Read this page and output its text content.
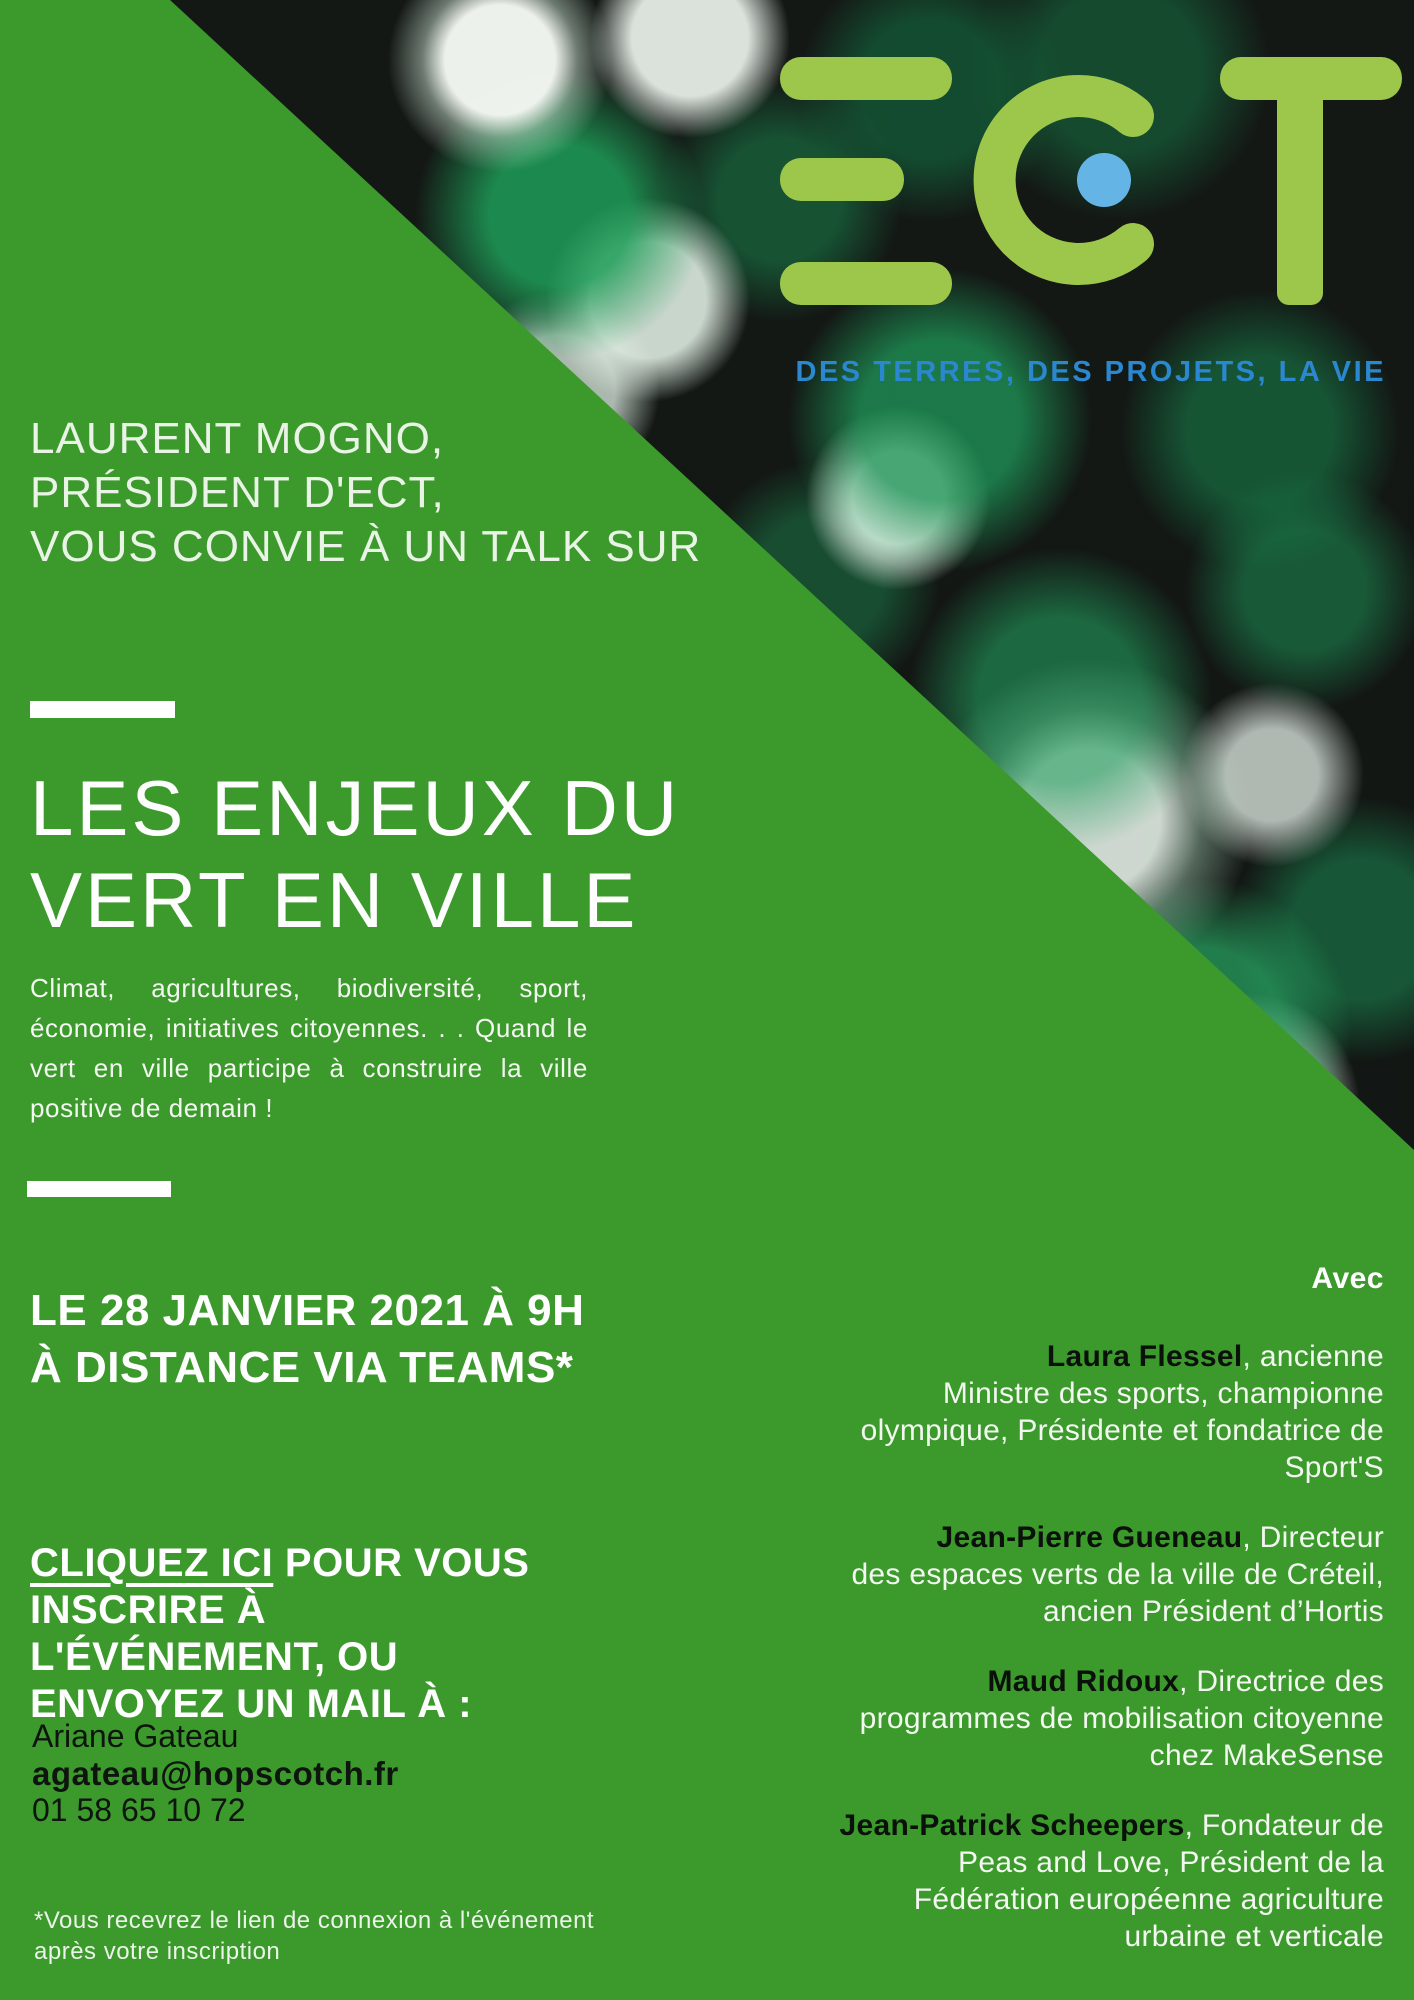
DES TERRES, DES PROJETS, LA VIE
LAURENT MOGNO,
PRÉSIDENT D'ECT,
VOUS CONVIE À UN TALK SUR
LES ENJEUX DU
VERT EN VILLE

Climat, agricultures, biodiversité, sport, économie, initiatives citoyennes. . . Quand le vert en ville participe à construire la ville positive de demain !

LE 28 JANVIER 2021 À 9H
À DISTANCE VIA TEAMS*

CLIQUEZ ICI POUR VOUS INSCRIRE À L'ÉVÉNEMENT, OU ENVOYEZ UN MAIL À :

Ariane Gateau
agateau@hopscotch.fr
01 58 65 10 72
*Vous recevrez le lien de connexion à l'événement
après votre inscription
Avec
Laura Flessel, ancienne
Ministre des sports, championne
olympique, Présidente et fondatrice de
Sport'S
Jean-Pierre Gueneau, Directeur
des espaces verts de la ville de Créteil,
ancien Président d’Hortis
Maud Ridoux, Directrice des
programmes de mobilisation citoyenne
chez MakeSense
Jean-Patrick Scheepers, Fondateur de
Peas and Love, Président de la
Fédération européenne agriculture
urbaine et verticale
